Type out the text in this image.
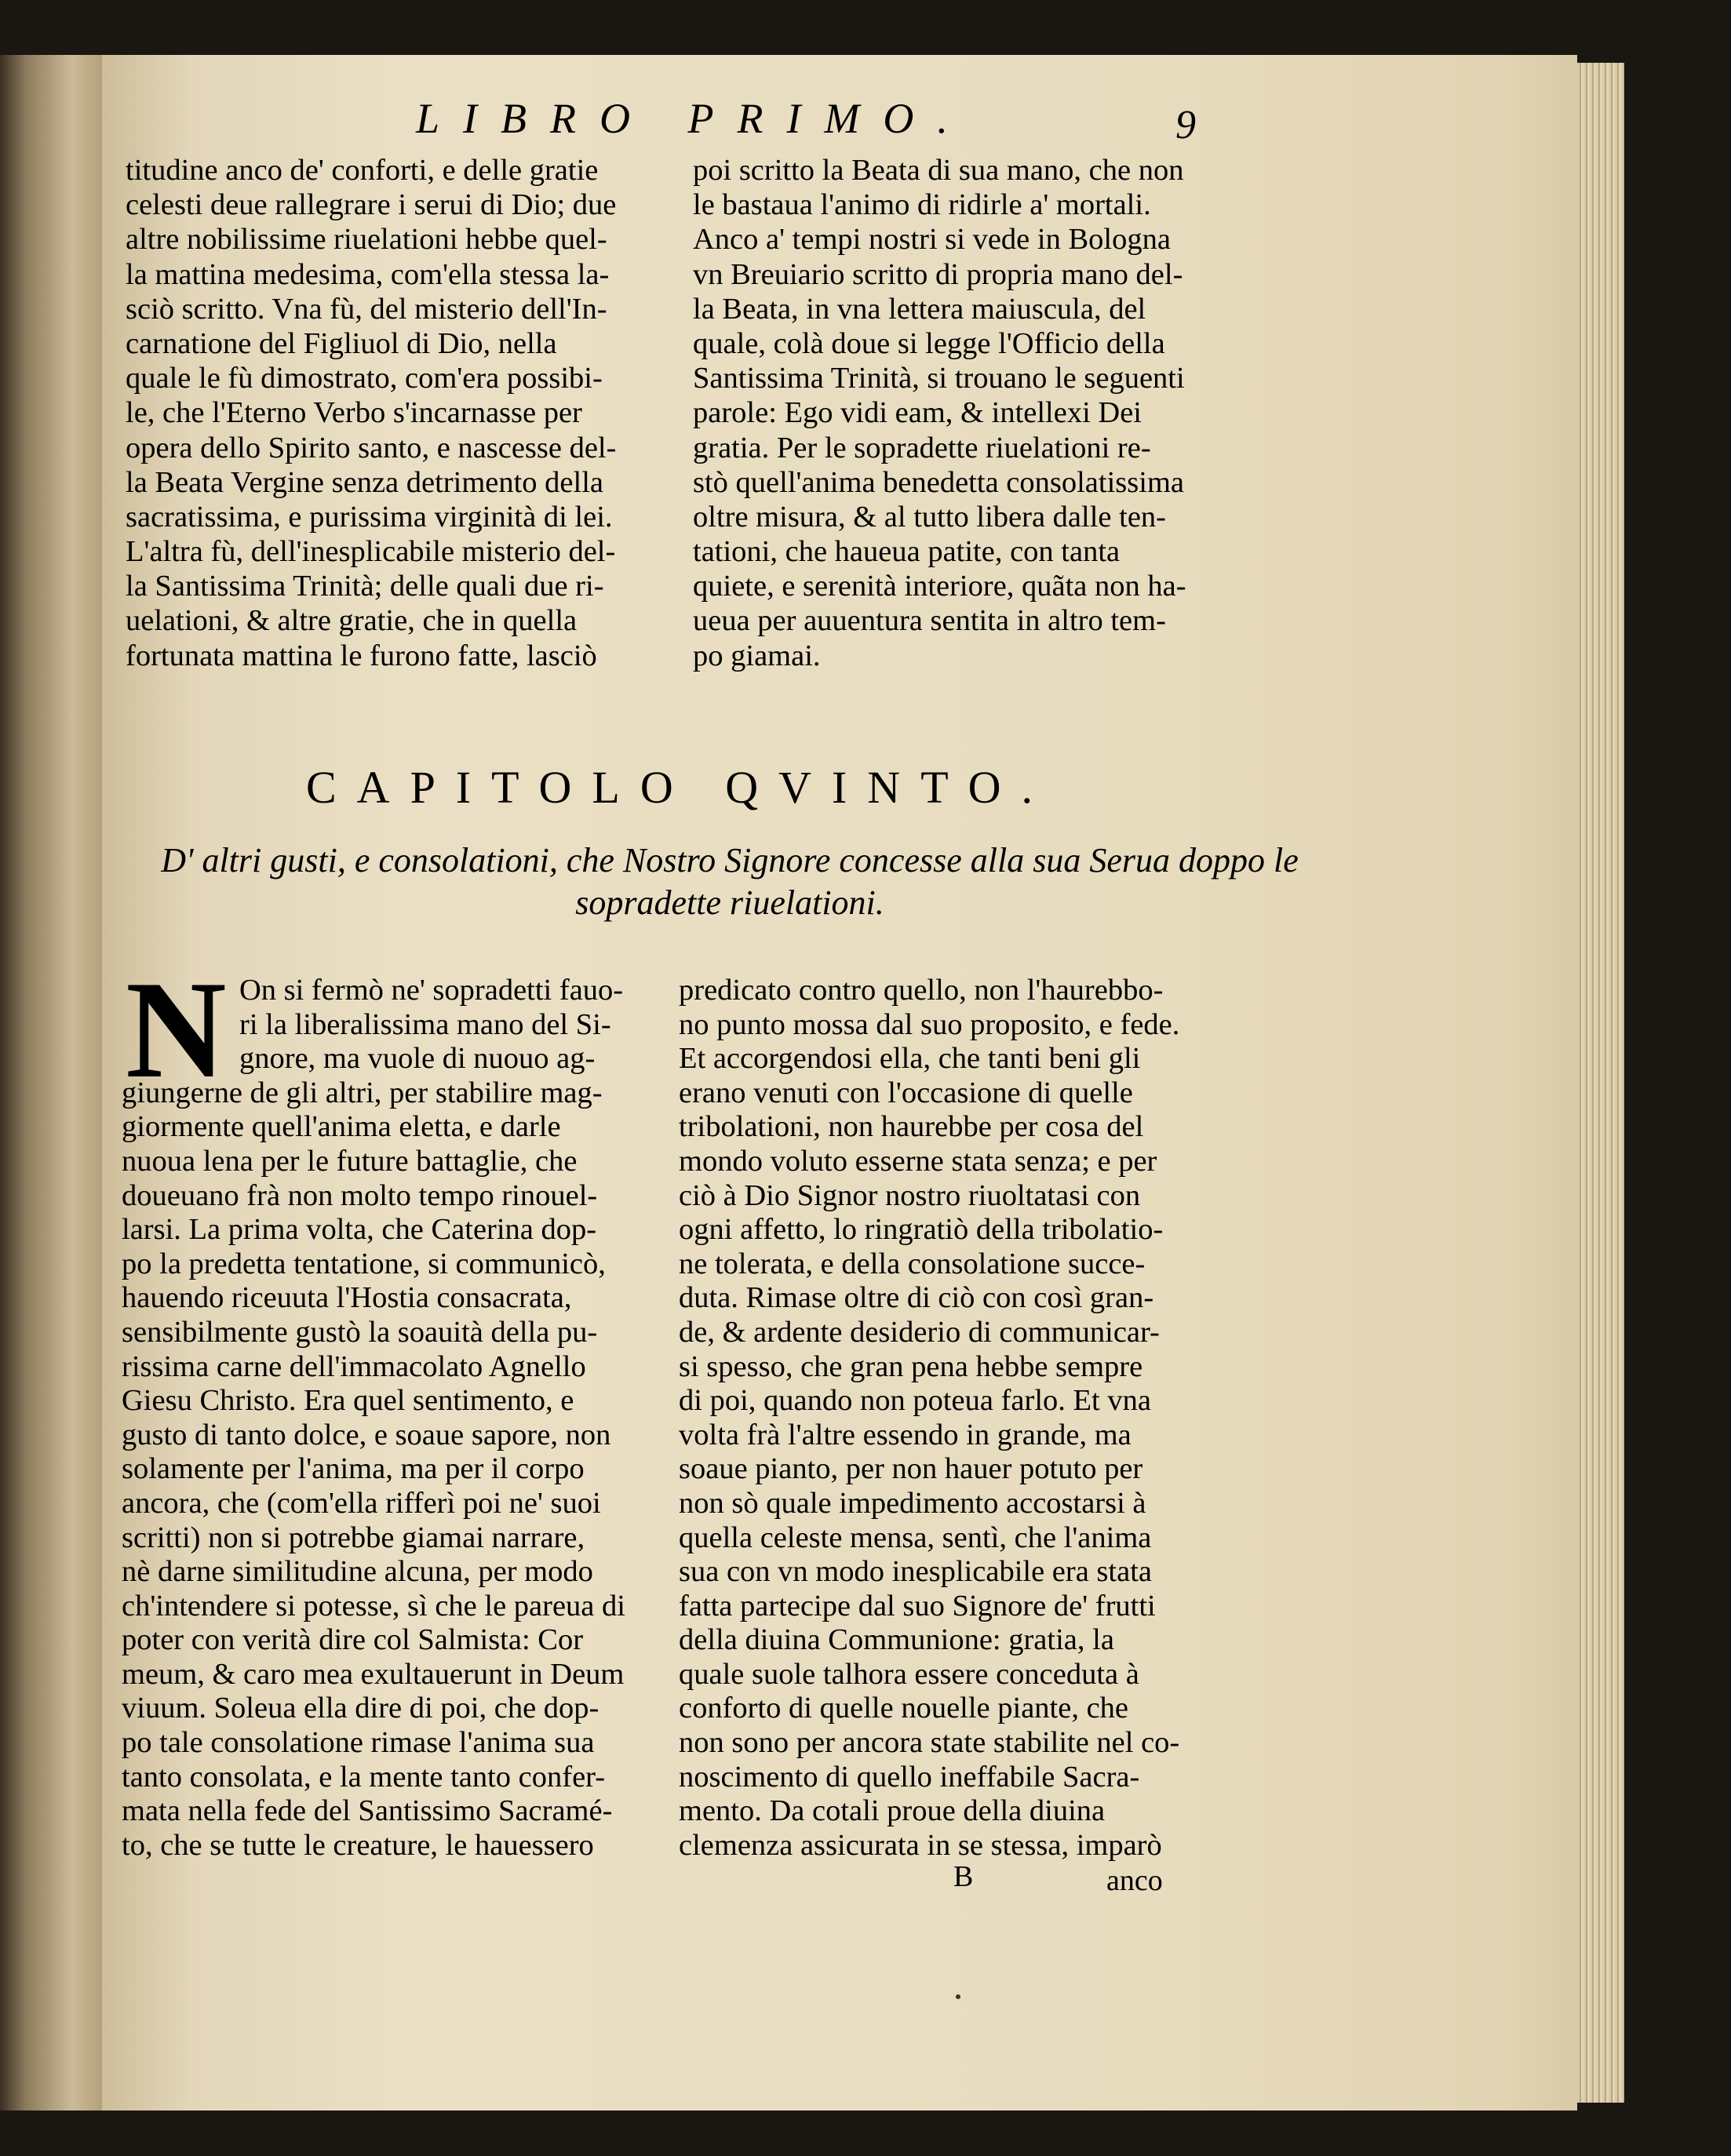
LIBRO PRIMO.	9
titudine anco de' conforti, e delle gratie
celesti deue rallegrare i serui di Dio; due
altre nobilissime riuelationi hebbe quel-
la mattina medesima, com'ella stessa la-
sciò scritto. Vna fù, del misterio dell'In-
carnatione del Figliuol di Dio, nella
quale le fù dimostrato, com'era possibi-
le, che l'Eterno Verbo s'incarnasse per
opera dello Spirito santo, e nascesse del-
la Beata Vergine senza detrimento della
sacratissima, e purissima virginità di lei.
L'altra fù, dell'inesplicabile misterio del-
la Santissima Trinità; delle quali due ri-
uelationi, & altre gratie, che in quella
fortunata mattina le furono fatte, lasciò
poi scritto la Beata di sua mano, che non
le bastaua l'animo di ridirle a' mortali.
Anco a' tempi nostri si vede in Bologna
vn Breuiario scritto di propria mano del-
la Beata, in vna lettera maiuscula, del
quale, colà doue si legge l'Officio della
Santissima Trinità, si trouano le seguenti
parole: Ego vidi eam, & intellexi Dei
gratia. Per le sopradette riuelationi re-
stò quell'anima benedetta consolatissima
oltre misura, & al tutto libera dalle ten-
tationi, che haueua patite, con tanta
quiete, e serenità interiore, quãta non ha-
ueua per auuentura sentita in altro tem-
po giamai.
CAPITOLO QVINTO.
D' altri gusti, e consolationi, che Nostro Signore concesse alla sua Serua doppo le sopradette riuelationi.
N On si fermò ne' sopradetti fauo-
ri la liberalissima mano del Si-
gnore, ma vuole di nuouo ag-
giungerne de gli altri, per stabilire mag-
giormente quell'anima eletta, e darle
nuoua lena per le future battaglie, che
doueuano frà non molto tempo rinouel-
larsi. La prima volta, che Caterina dop-
po la predetta tentatione, si communicò,
hauendo riceuuta l'Hostia consacrata,
sensibilmente gustò la soauità della pu-
rissima carne dell'immacolato Agnello
Giesu Christo. Era quel sentimento, e
gusto di tanto dolce, e soaue sapore, non
solamente per l'anima, ma per il corpo
ancora, che (com'ella rifferì poi ne' suoi
scritti) non si potrebbe giamai narrare,
nè darne similitudine alcuna, per modo
ch'intendere si potesse, sì che le pareua di
poter con verità dire col Salmista: Cor
meum, & caro mea exultauerunt in Deum
viuum. Soleua ella dire di poi, che dop-
po tale consolatione rimase l'anima sua
tanto consolata, e la mente tanto confer-
mata nella fede del Santissimo Sacramé-
to, che se tutte le creature, le hauessero
predicato contro quello, non l'haurebbo-
no punto mossa dal suo proposito, e fede.
Et accorgendosi ella, che tanti beni gli
erano venuti con l'occasione di quelle
tribolationi, non haurebbe per cosa del
mondo voluto esserne stata senza; e per
ciò à Dio Signor nostro riuoltatasi con
ogni affetto, lo ringratiò della tribolatio-
ne tolerata, e della consolatione succe-
duta. Rimase oltre di ciò con così gran-
de, & ardente desiderio di communicar-
si spesso, che gran pena hebbe sempre
di poi, quando non poteua farlo. Et vna
volta frà l'altre essendo in grande, ma
soaue pianto, per non hauer potuto per
non sò quale impedimento accostarsi à
quella celeste mensa, sentì, che l'anima
sua con vn modo inesplicabile era stata
fatta partecipe dal suo Signore de' frutti
della diuina Communione: gratia, la
quale suole talhora essere conceduta à
conforto di quelle nouelle piante, che
non sono per ancora state stabilite nel co-
noscimento di quello ineffabile Sacra-
mento. Da cotali proue della diuina
clemenza assicurata in se stessa, imparò
B	anco
